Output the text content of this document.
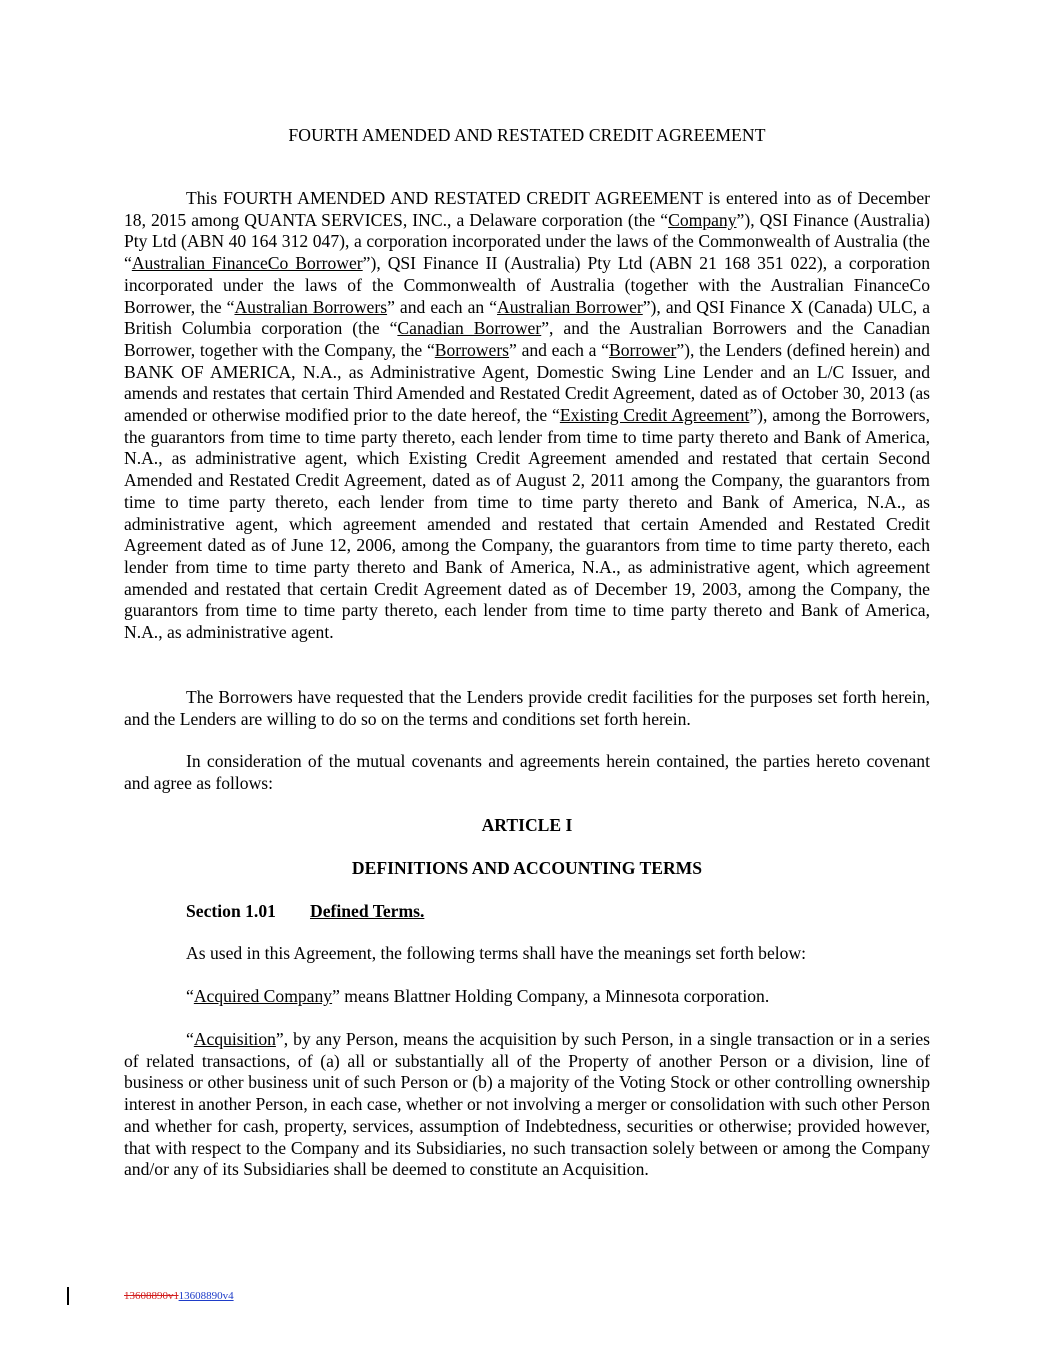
FOURTH AMENDED AND RESTATED CREDIT AGREEMENT

This FOURTH AMENDED AND RESTATED CREDIT AGREEMENT is entered into as of December 18, 2015 among QUANTA SERVICES, INC., a Delaware corporation (the “Company”), QSI Finance (Australia) Pty Ltd (ABN 40 164 312 047), a corporation incorporated under the laws of the Commonwealth of Australia (the “Australian FinanceCo Borrower”), QSI Finance II (Australia) Pty Ltd (ABN 21 168 351 022), a corporation incorporated under the laws of the Commonwealth of Australia (together with the Australian FinanceCo Borrower, the “Australian Borrowers” and each an “Australian Borrower”), and QSI Finance X (Canada) ULC, a British Columbia corporation (the “Canadian Borrower”, and the Australian Borrowers and the Canadian Borrower, together with the Company, the “Borrowers” and each a “Borrower”), the Lenders (defined herein) and BANK OF AMERICA, N.A., as Administrative Agent, Domestic Swing Line Lender and an L/C Issuer, and amends and restates that certain Third Amended and Restated Credit Agreement, dated as of October 30, 2013 (as amended or otherwise modified prior to the date hereof, the “Existing Credit Agreement”), among the Borrowers, the guarantors from time to time party thereto, each lender from time to time party thereto and Bank of America, N.A., as administrative agent, which Existing Credit Agreement amended and restated that certain Second Amended and Restated Credit Agreement, dated as of August 2, 2011 among the Company, the guarantors from time to time party thereto, each lender from time to time party thereto and Bank of America, N.A., as administrative agent, which agreement amended and restated that certain Amended and Restated Credit Agreement dated as of June 12, 2006, among the Company, the guarantors from time to time party thereto, each lender from time to time party thereto and Bank of America, N.A., as administrative agent, which agreement amended and restated that certain Credit Agreement dated as of December 19, 2003, among the Company, the guarantors from time to time party thereto, each lender from time to time party thereto and Bank of America, N.A., as administrative agent.

The Borrowers have requested that the Lenders provide credit facilities for the purposes set forth herein, and the Lenders are willing to do so on the terms and conditions set forth herein.

In consideration of the mutual covenants and agreements herein contained, the parties hereto covenant and agree as follows:

ARTICLE I
DEFINITIONS AND ACCOUNTING TERMS
Section 1.01 Defined Terms.
As used in this Agreement, the following terms shall have the meanings set forth below:
“Acquired Company” means Blattner Holding Company, a Minnesota corporation.

“Acquisition”, by any Person, means the acquisition by such Person, in a single transaction or in a series of related transactions, of (a) all or substantially all of the Property of another Person or a division, line of business or other business unit of such Person or (b) a majority of the Voting Stock or other controlling ownership interest in another Person, in each case, whether or not involving a merger or consolidation with such other Person and whether for cash, property, services, assumption of Indebtedness, securities or otherwise; provided however, that with respect to the Company and its Subsidiaries, no such transaction solely between or among the Company and/or any of its Subsidiaries shall be deemed to constitute an Acquisition.

13608890v113608890v4
